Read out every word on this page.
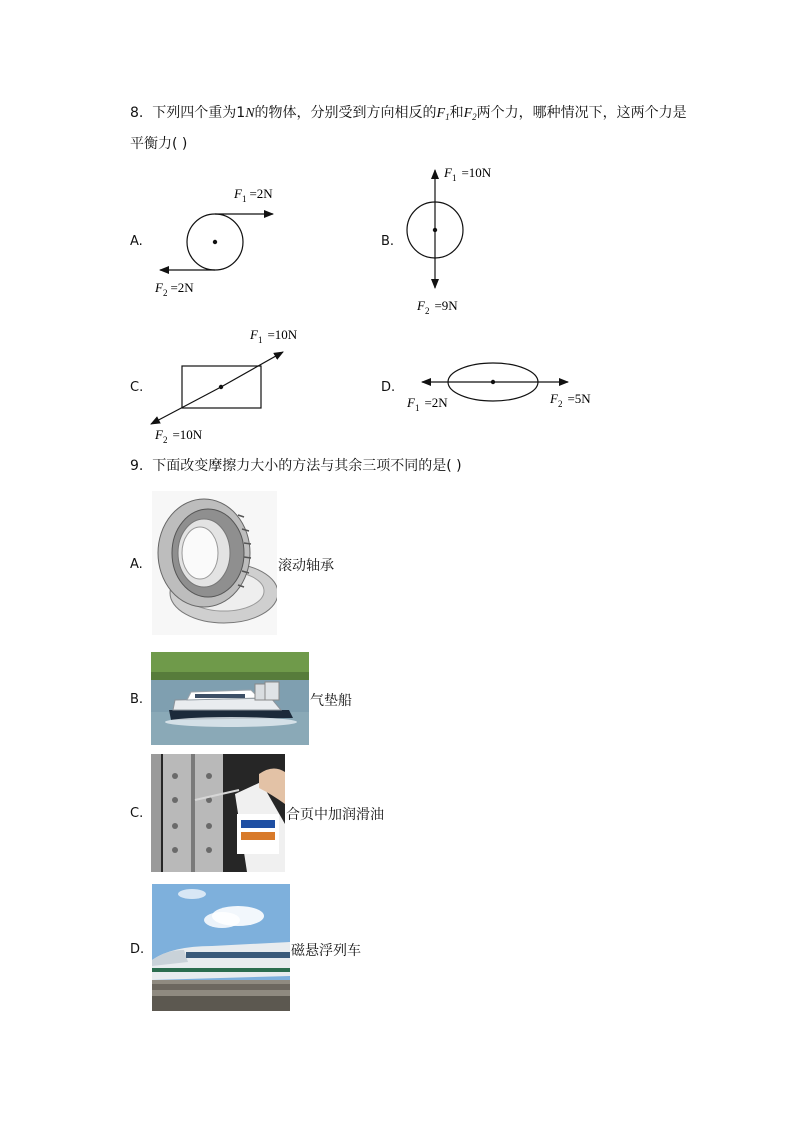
8. 下列四个重为1N的物体，分别受到方向相反的$F_1$和$F_2$两个力，哪种情况下，这两个力是
平衡力( )
A.
$F_1 =2N$
$F_2 =2N$
B.
$F_1 =10N$
$F_2 =9N$
C.
$F_1 =10N$
$F_2 =10N$
D.
$F_1 =2N$	$F_2 =5N$
9. 下面改变摩擦力大小的方法与其余三项不同的是( )
A.	滚动轴承
B.	气垫船
C.	合页中加润滑油
D.	磁悬浮列车
